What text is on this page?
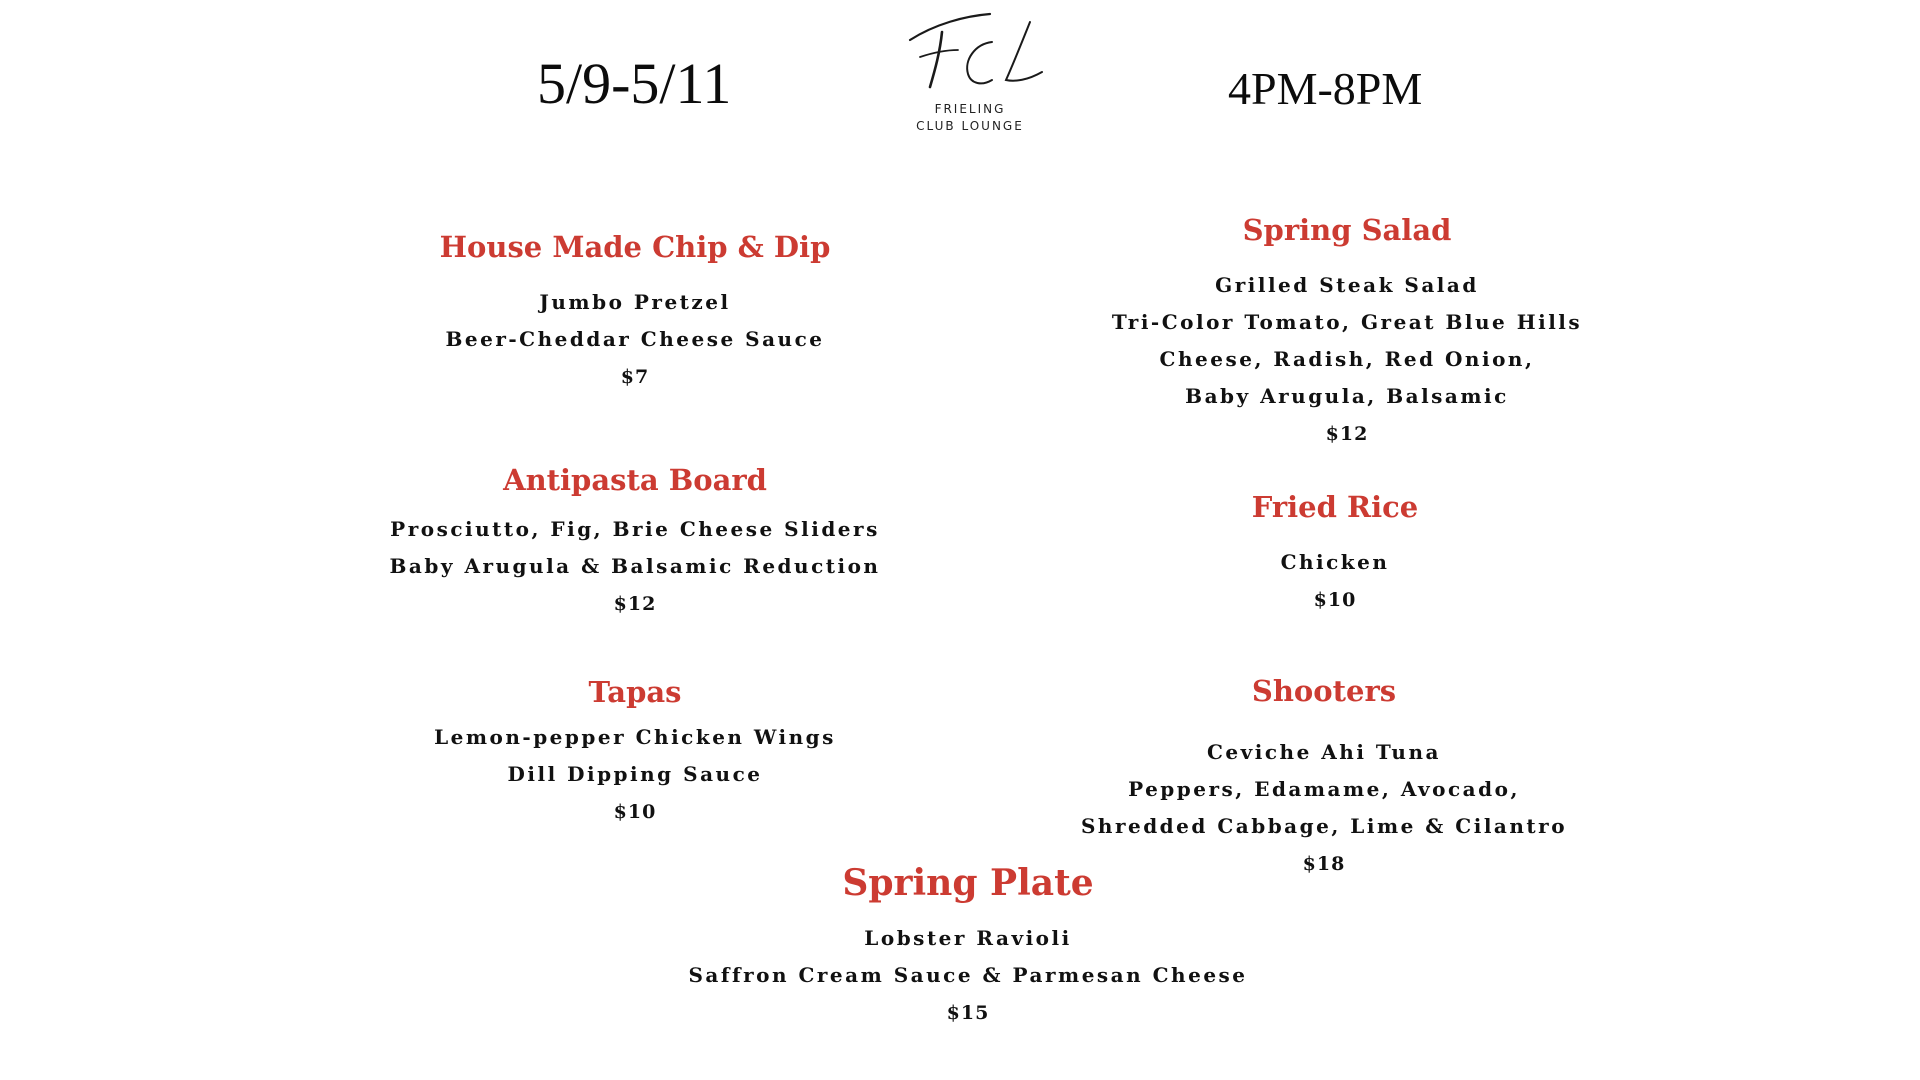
5/9-5/11	FRIELING
CLUB LOUNGE
4PM-8PM
House Made Chip & Dip
Jumbo Pretzel
Beer-Cheddar Cheese Sauce
$7
Spring Salad
Grilled Steak Salad
Tri-Color Tomato, Great Blue Hills
Cheese, Radish, Red Onion,
Baby Arugula, Balsamic
$12
Antipasta Board
Prosciutto, Fig, Brie Cheese Sliders
Baby Arugula & Balsamic Reduction
$12
Fried Rice
Chicken
$10
Tapas
Lemon-pepper Chicken Wings
Dill Dipping Sauce
$10
Shooters
Ceviche Ahi Tuna
Peppers, Edamame, Avocado,
Shredded Cabbage, Lime & Cilantro
$18
Spring Plate
Lobster Ravioli
Saffron Cream Sauce & Parmesan Cheese
$15
